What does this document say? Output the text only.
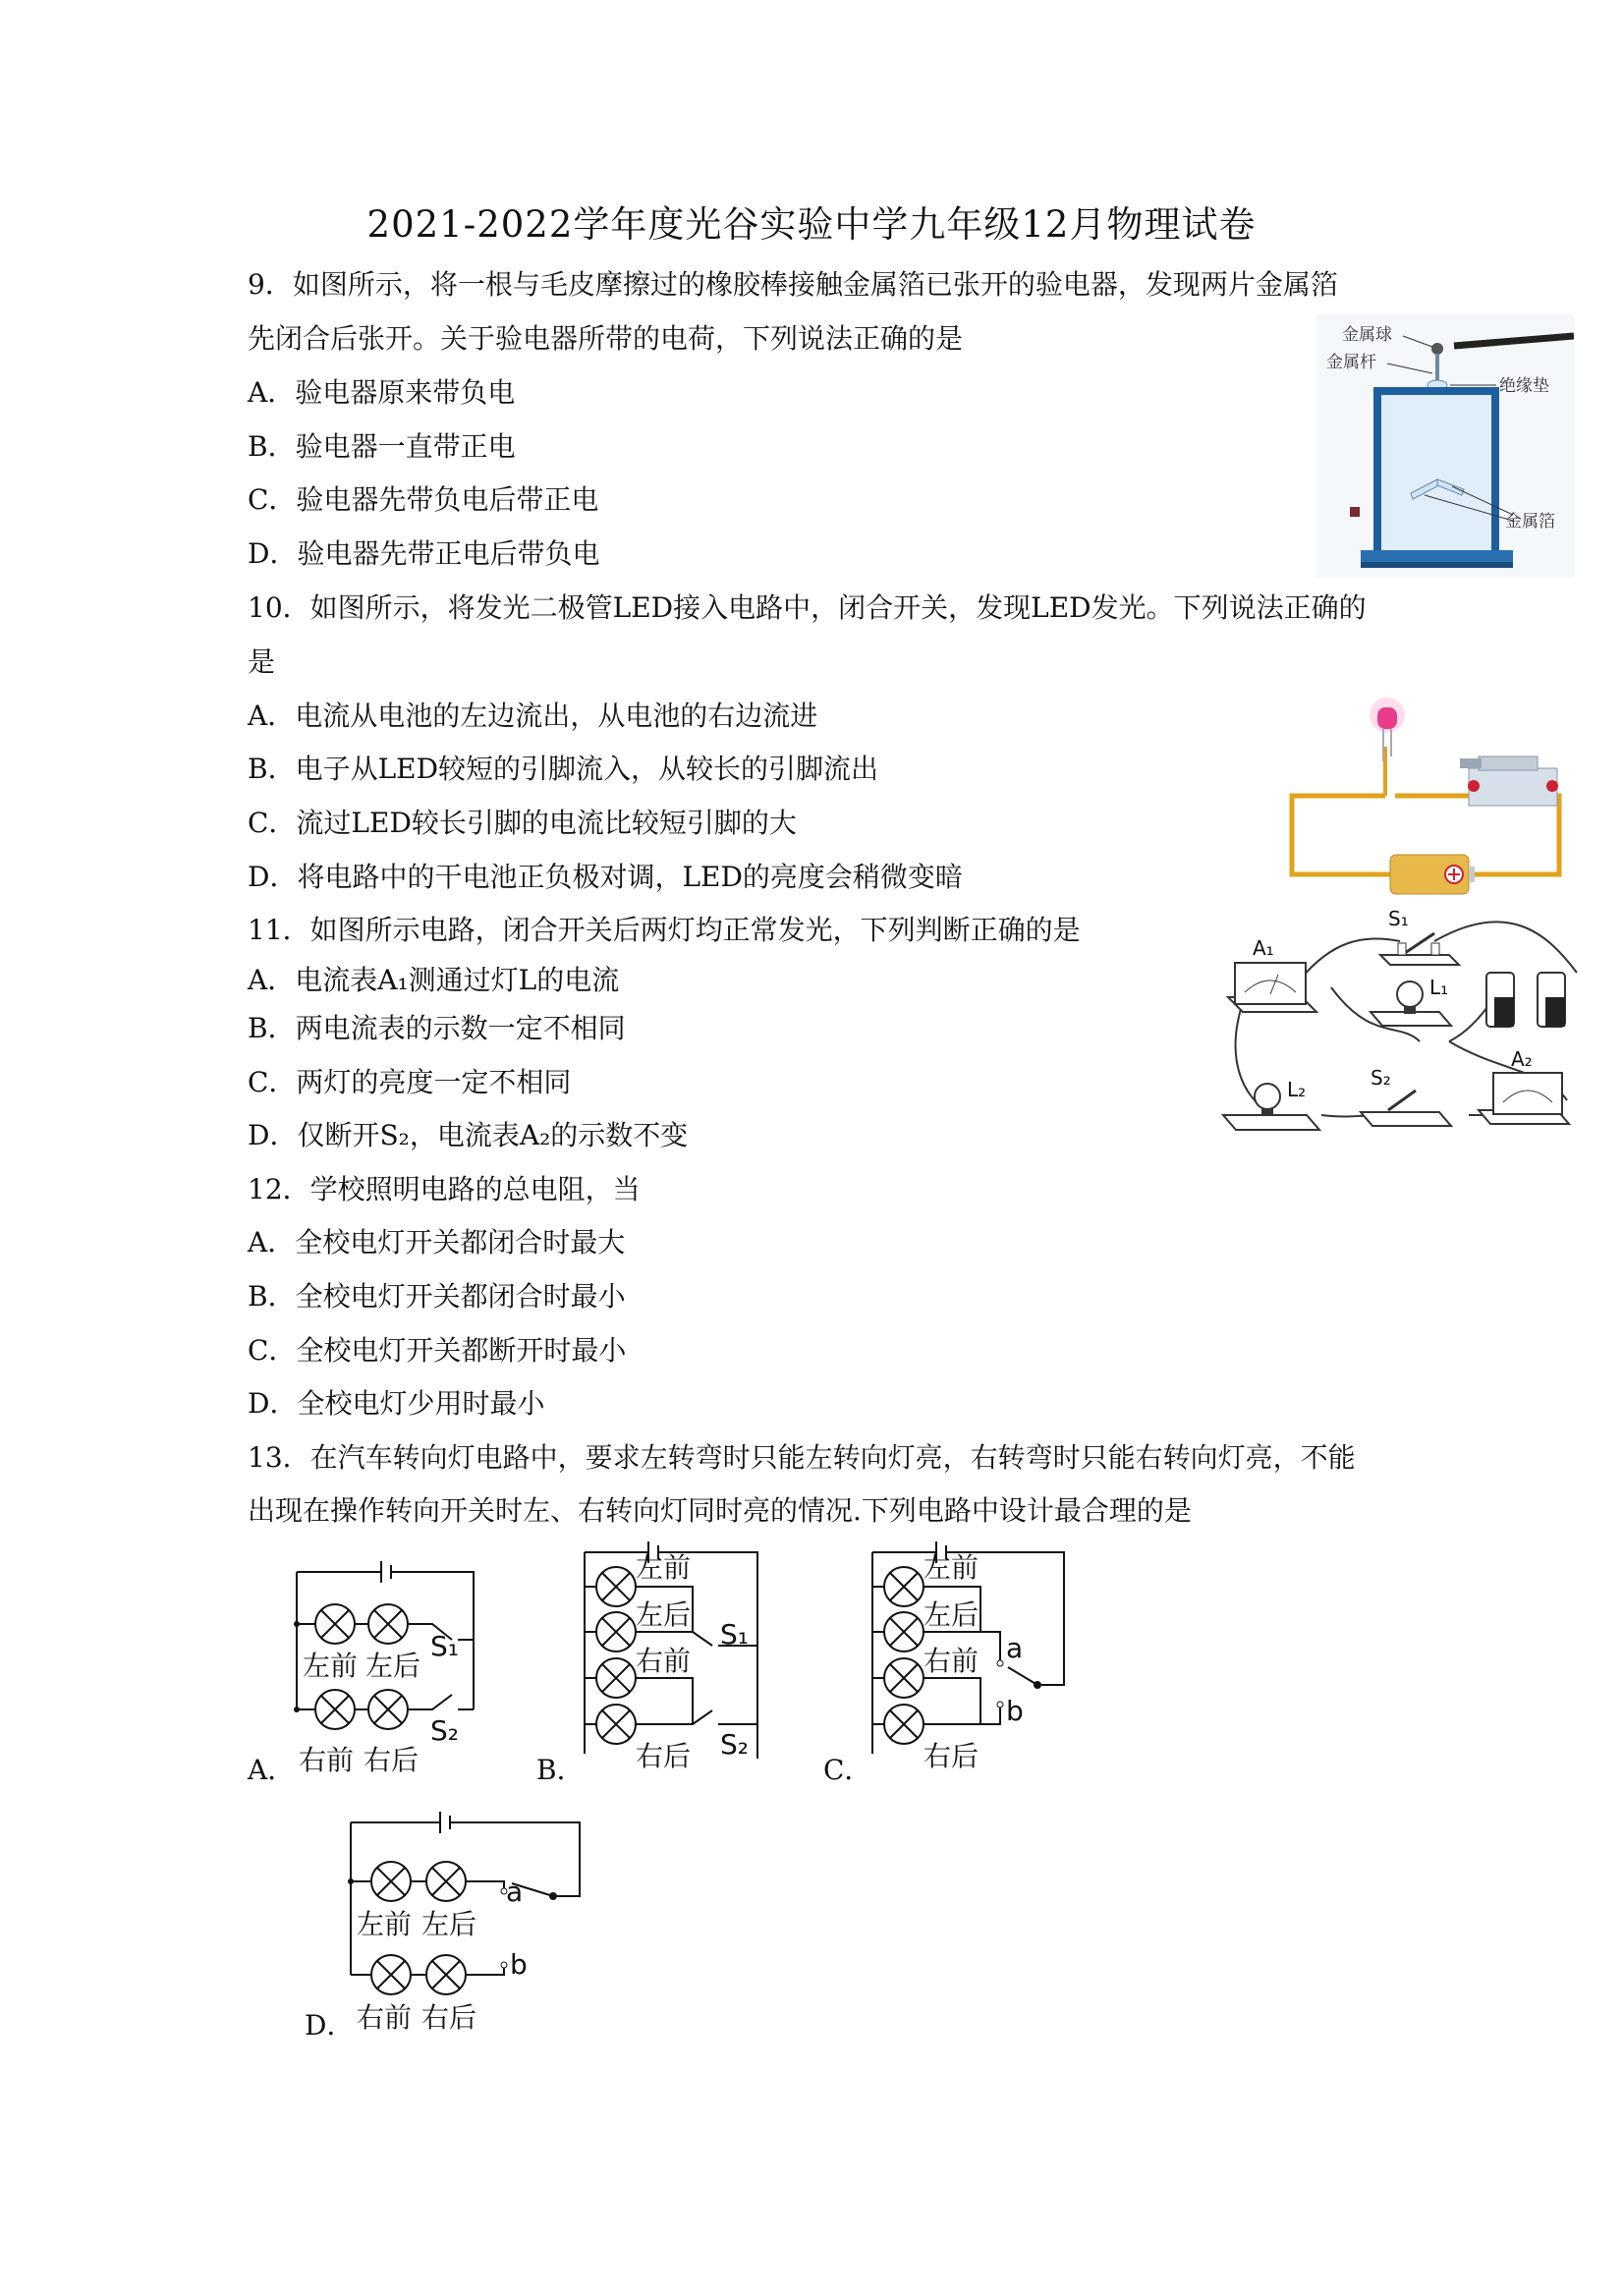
2021-2022学年度光谷实验中学九年级12月物理试卷
9．如图所示，将一根与毛皮摩擦过的橡胶棒接触金属箔已张开的验电器，发现两片金属箔
先闭合后张开。关于验电器所带的电荷，下列说法正确的是
A．验电器原来带负电
B．验电器一直带正电
C．验电器先带负电后带正电
D．验电器先带正电后带负电
金属球
金属杆
绝缘垫
金属箔
10．如图所示，将发光二极管LED接入电路中，闭合开关，发现LED发光。下列说法正确的
是
A．电流从电池的左边流出，从电池的右边流进
B．电子从LED较短的引脚流入，从较长的引脚流出
C．流过LED较长引脚的电流比较短引脚的大
D．将电路中的干电池正负极对调，LED的亮度会稍微变暗
11．如图所示电路，闭合开关后两灯均正常发光，下列判断正确的是
A．电流表A₁测通过灯L的电流
B．两电流表的示数一定不相同
C．两灯的亮度一定不相同
D．仅断开S₂，电流表A₂的示数不变
S₁
A₁
L₁
A₂
L₂	S₂
12．学校照明电路的总电阻，当
A．全校电灯开关都闭合时最大
B．全校电灯开关都闭合时最小
C．全校电灯开关都断开时最小
D．全校电灯少用时最小
13．在汽车转向灯电路中，要求左转弯时只能左转向灯亮，右转弯时只能右转向灯亮，不能
出现在操作转向开关时左、右转向灯同时亮的情况.下列电路中设计最合理的是
A．	B．	C．
D．
左前 左后
S₁
S₂
右前 右后
左前
左后
右前
右后
S₁
S₂
左前
左后
右前
右后
a
b
左前 左后
右前 右后
a
b
